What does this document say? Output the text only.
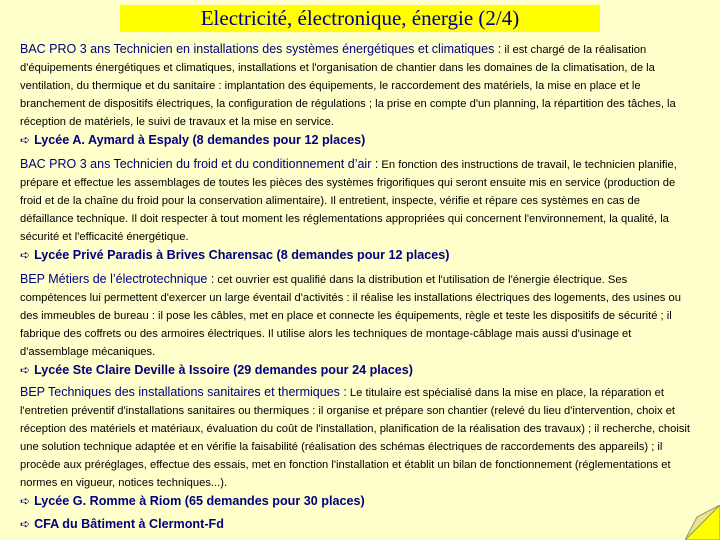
Electricité, électronique, énergie (2/4)
BAC PRO 3 ans Technicien en installations des systèmes énergétiques et climatiques : il est chargé de la réalisation d'équipements énergétiques et climatiques, installations et l'organisation de chantier dans les domaines de la climatisation, de la ventilation, du thermique et du sanitaire : implantation des équipements, le raccordement des matériels, la mise en place et le branchement de dispositifs électriques, la configuration de régulations ; la prise en compte d'un planning, la répartition des tâches, la réception de matériels, le suivi de travaux et la mise en service.
➪ Lycée A. Aymard à Espaly (8 demandes pour 12 places)
BAC PRO 3 ans Technicien du froid et du conditionnement d’air : En fonction des instructions de travail, le technicien planifie, prépare et effectue les assemblages de toutes les pièces des systèmes frigorifiques qui seront ensuite mis en service (production de froid et de la chaîne du froid pour la conservation alimentaire). Il entretient, inspecte, vérifie et répare ces systèmes en cas de défaillance technique. Il doit respecter à tout moment les réglementations appropriées qui concernent l'environnement, la qualité, la sécurité et l'efficacité énergétique.
➪ Lycée Privé Paradis à Brives Charensac (8 demandes pour 12 places)
BEP Métiers de l’électrotechnique : cet ouvrier est qualifié dans la distribution et l'utilisation de l'énergie électrique. Ses compétences lui permettent d'exercer un large éventail d'activités : il réalise les installations électriques des logements, des usines ou des immeubles de bureau : il pose les câbles, met en place et connecte les équipements, règle et teste les dispositifs de sécurité ; il fabrique des coffrets ou des armoires électriques. Il utilise alors les techniques de montage-câblage mais aussi d'usinage et d'assemblage mécaniques.
➪ Lycée Ste Claire Deville à Issoire (29 demandes pour 24 places)
BEP Techniques des installations sanitaires et thermiques : Le titulaire est spécialisé dans la mise en place, la réparation et l'entretien préventif d'installations sanitaires ou thermiques : il organise et prépare son chantier (relevé du lieu d'intervention, choix et réception des matériels et matériaux, évaluation du coût de l'installation, planification de la réalisation des travaux) ; il recherche, choisit une solution technique adaptée et en vérifie la faisabilité (réalisation des schémas électriques de raccordements des appareils) ; il procède aux préréglages, effectue des essais, met en fonction l'installation et établit un bilan de fonctionnement (réglementations et normes en vigueur, notices techniques...).
➪ Lycée G. Romme à Riom (65 demandes pour 30 places)
➪ CFA du Bâtiment à Clermont-Fd
